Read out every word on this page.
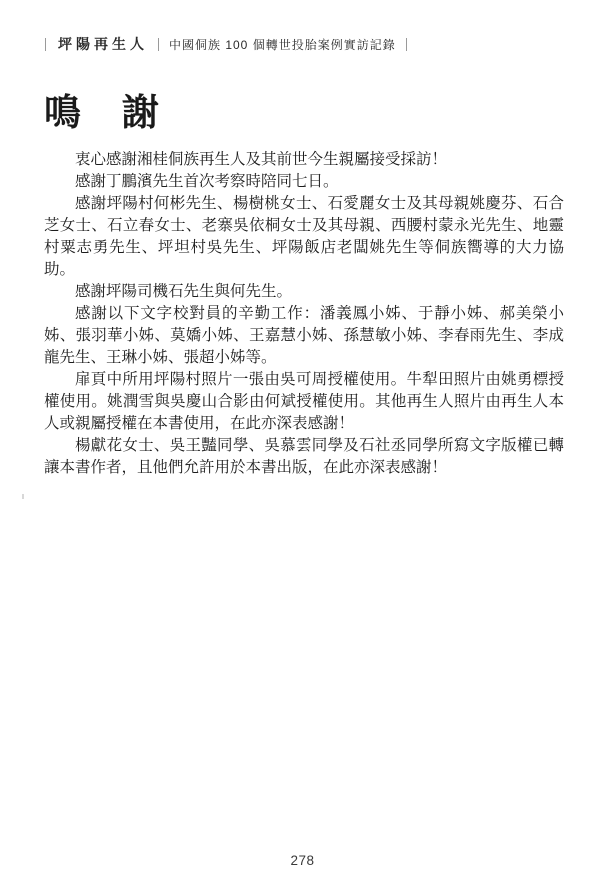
坪陽再生人 中國侗族 100 個轉世投胎案例實訪記錄
鳴 謝

衷心感謝湘桂侗族再生人及其前世今生親屬接受採訪！

感謝丁鵬濱先生首次考察時陪同七日。

感謝坪陽村何彬先生、楊樹桃女士、石愛麗女士及其母親姚慶芬、石合芝女士、石立春女士、老寨吳依桐女士及其母親、西腰村蒙永光先生、地靈村粟志勇先生、坪坦村吳先生、坪陽飯店老闆姚先生等侗族嚮導的大力協助。

感謝坪陽司機石先生與何先生。

感謝以下文字校對員的辛勤工作：潘義鳳小姊、于靜小姊、郝美榮小姊、張羽華小姊、莫嬌小姊、王嘉慧小姊、孫慧敏小姊、李春雨先生、李成龍先生、王琳小姊、張超小姊等。

扉頁中所用坪陽村照片一張由吳可周授權使用。牛犁田照片由姚勇標授權使用。姚潤雪與吳慶山合影由何斌授權使用。其他再生人照片由再生人本人或親屬授權在本書使用，在此亦深表感謝！

楊獻花女士、吳王豔同學、吳慕雲同學及石社丞同學所寫文字版權已轉讓本書作者，且他們允許用於本書出版，在此亦深表感謝！

278
